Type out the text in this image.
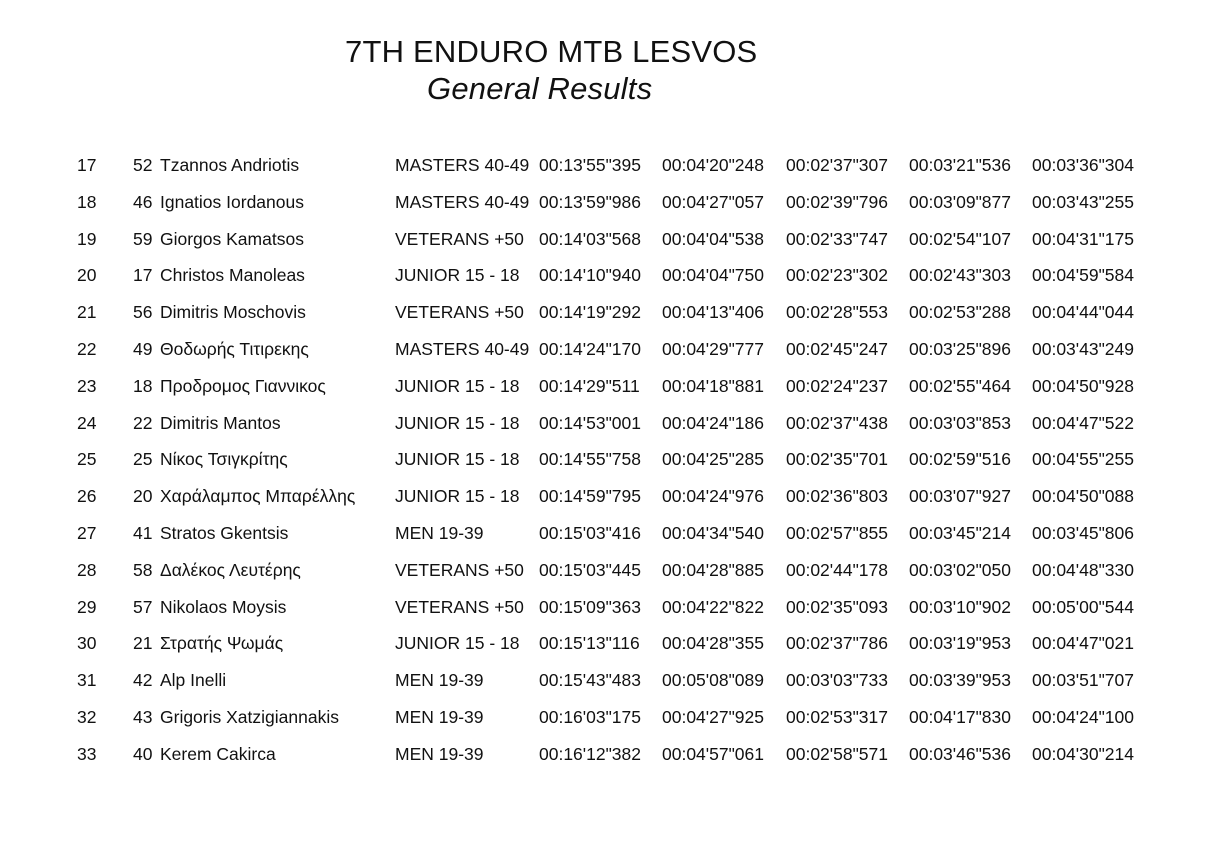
7TH ENDURO MTB LESVOS
General Results
17 52 Tzannos Andriotis	MASTERS 40-49 00:13'55"395 00:04'20"248 00:02'37"307 00:03'21"536 00:03'36"304
18 46 Ignatios Iordanous	MASTERS 40-49 00:13'59"986 00:04'27"057 00:02'39"796 00:03'09"877 00:03'43"255
19 59 Giorgos Kamatsos	VETERANS +50 00:14'03"568 00:04'04"538 00:02'33"747 00:02'54"107 00:04'31"175
20 17 Christos Manoleas	JUNIOR 15 - 18 00:14'10"940 00:04'04"750 00:02'23"302 00:02'43"303 00:04'59"584
21 56 Dimitris Moschovis	VETERANS +50 00:14'19"292 00:04'13"406 00:02'28"553 00:02'53"288 00:04'44"044
22 49 Θοδωρής Τιτιρεκης	MASTERS 40-49 00:14'24"170 00:04'29"777 00:02'45"247 00:03'25"896 00:03'43"249
23 18 Προδρομος Γιαννικος	JUNIOR 15 - 18 00:14'29"511 00:04'18"881 00:02'24"237 00:02'55"464 00:04'50"928
24 22 Dimitris Mantos	JUNIOR 15 - 18 00:14'53"001 00:04'24"186 00:02'37"438 00:03'03"853 00:04'47"522
25 25 Νίκος Τσιγκρίτης	JUNIOR 15 - 18 00:14'55"758 00:04'25"285 00:02'35"701 00:02'59"516 00:04'55"255
26 20 Χαράλαμπος Μπαρέλλης JUNIOR 15 - 18 00:14'59"795 00:04'24"976 00:02'36"803 00:03'07"927 00:04'50"088
27 41 Stratos Gkentsis	MEN 19-39	00:15'03"416 00:04'34"540 00:02'57"855 00:03'45"214 00:03'45"806
28 58 Δαλέκος Λευτέρης	VETERANS +50 00:15'03"445 00:04'28"885 00:02'44"178 00:03'02"050 00:04'48"330
29 57 Nikolaos Moysis	VETERANS +50 00:15'09"363 00:04'22"822 00:02'35"093 00:03'10"902 00:05'00"544
30 21 Στρατής Ψωμάς	JUNIOR 15 - 18 00:15'13"116 00:04'28"355 00:02'37"786 00:03'19"953 00:04'47"021
31 42 Alp Inelli	MEN 19-39	00:15'43"483 00:05'08"089 00:03'03"733 00:03'39"953 00:03'51"707
32 43 Grigoris Xatzigiannakis	MEN 19-39	00:16'03"175 00:04'27"925 00:02'53"317 00:04'17"830 00:04'24"100
33 40 Kerem Cakirca	MEN 19-39	00:16'12"382 00:04'57"061 00:02'58"571 00:03'46"536 00:04'30"214
